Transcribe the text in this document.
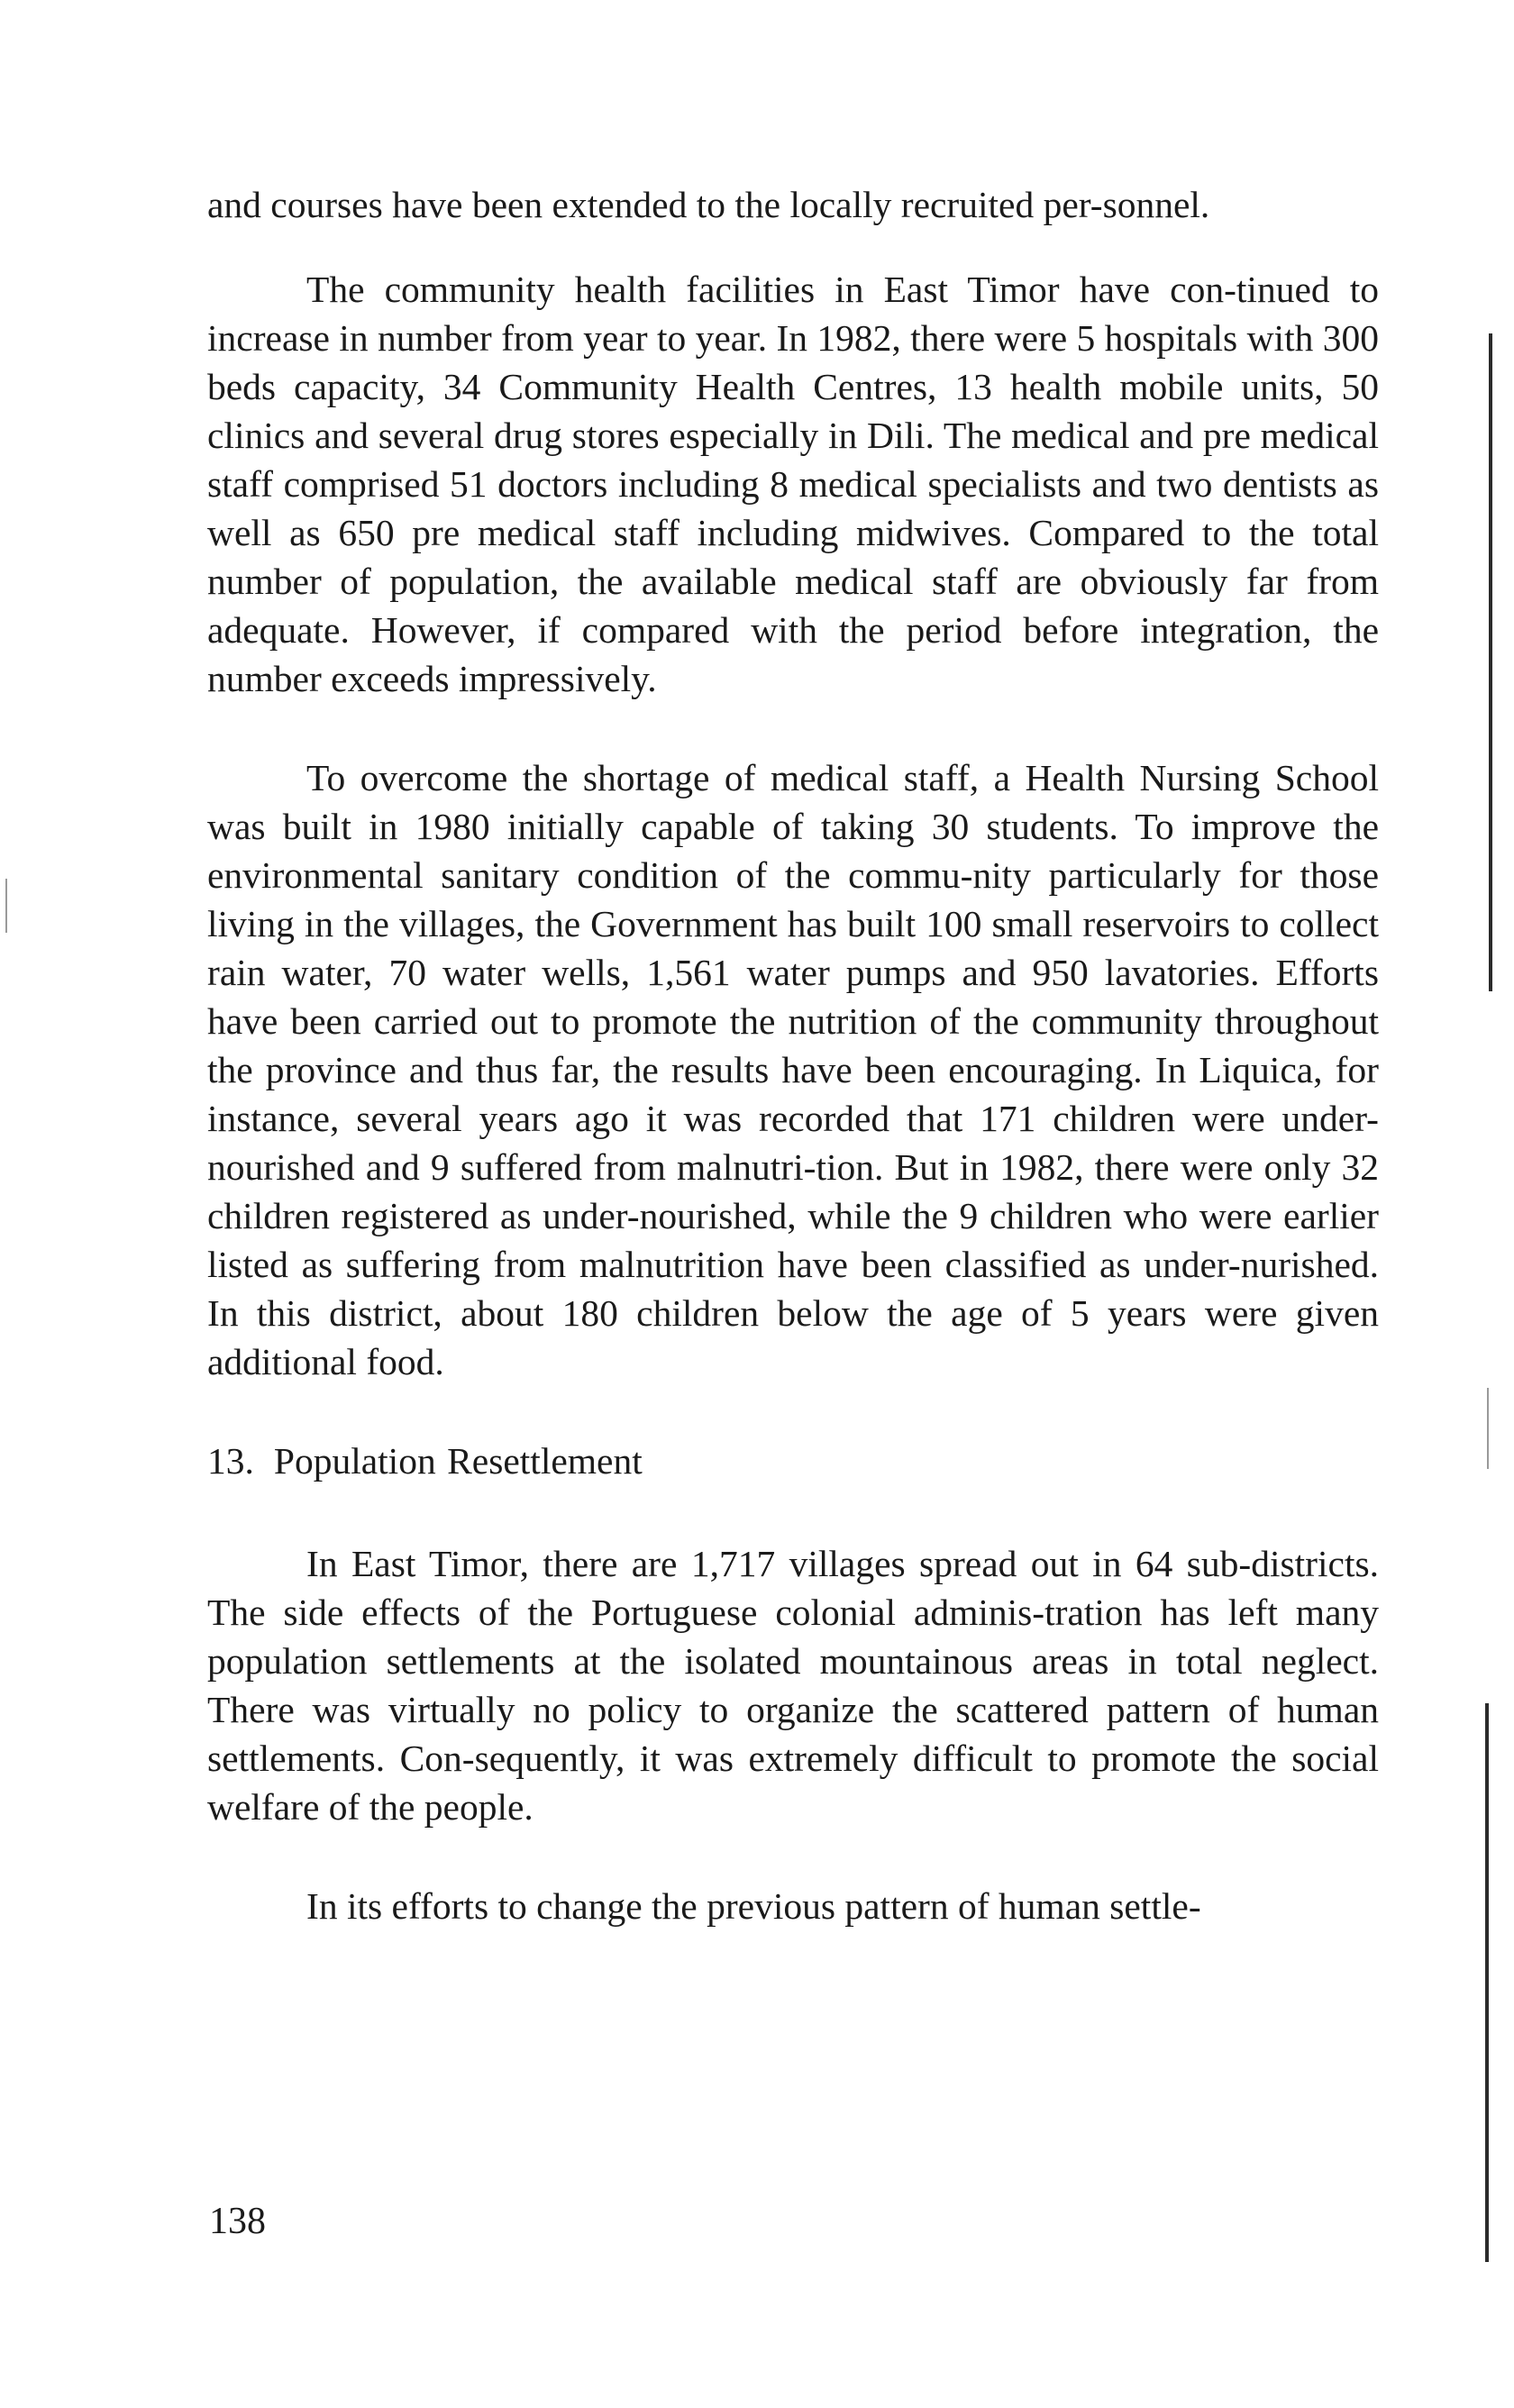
and courses have been extended to the locally recruited per-sonnel.

The community health facilities in East Timor have con-tinued to increase in number from year to year. In 1982, there were 5 hospitals with 300 beds capacity, 34 Community Health Centres, 13 health mobile units, 50 clinics and several drug stores especially in Dili. The medical and pre medical staff comprised 51 doctors including 8 medical specialists and two dentists as well as 650 pre medical staff including midwives. Compared to the total number of population, the available medical staff are obviously far from adequate. However, if compared with the period before integration, the number exceeds impressively.

To overcome the shortage of medical staff, a Health Nursing School was built in 1980 initially capable of taking 30 students. To improve the environmental sanitary condition of the commu-nity particularly for those living in the villages, the Government has built 100 small reservoirs to collect rain water, 70 water wells, 1,561 water pumps and 950 lavatories. Efforts have been carried out to promote the nutrition of the community throughout the province and thus far, the results have been encouraging. In Liquica, for instance, several years ago it was recorded that 171 children were under-nourished and 9 suffered from malnutri-tion. But in 1982, there were only 32 children registered as under-nourished, while the 9 children who were earlier listed as suffering from malnutrition have been classified as under-nurished. In this district, about 180 children below the age of 5 years were given additional food.

13. Population Resettlement

In East Timor, there are 1,717 villages spread out in 64 sub-districts. The side effects of the Portuguese colonial adminis-tration has left many population settlements at the isolated mountainous areas in total neglect. There was virtually no policy to organize the scattered pattern of human settlements. Con-sequently, it was extremely difficult to promote the social welfare of the people.

In its efforts to change the previous pattern of human settle-

138
